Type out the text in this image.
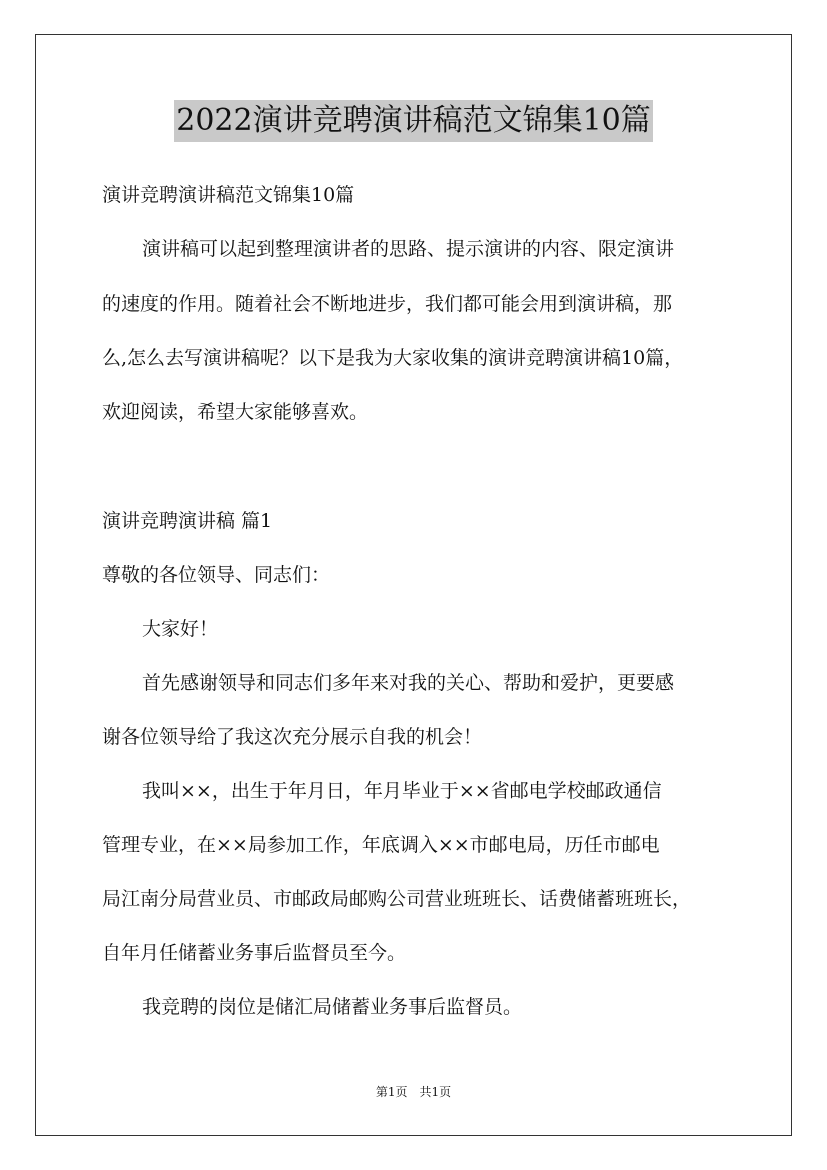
2022演讲竞聘演讲稿范文锦集10篇
演讲竞聘演讲稿范文锦集10篇
演讲稿可以起到整理演讲者的思路、提示演讲的内容、限定演讲
的速度的作用。随着社会不断地进步，我们都可能会用到演讲稿，那
么,怎么去写演讲稿呢？以下是我为大家收集的演讲竞聘演讲稿10篇，
欢迎阅读，希望大家能够喜欢。
演讲竞聘演讲稿 篇1
尊敬的各位领导、同志们：
大家好！
首先感谢领导和同志们多年来对我的关心、帮助和爱护，更要感
谢各位领导给了我这次充分展示自我的机会！
我叫××，出生于年月日，年月毕业于××省邮电学校邮政通信
管理专业，在××局参加工作，年底调入××市邮电局，历任市邮电
局江南分局营业员、市邮政局邮购公司营业班班长、话费储蓄班班长，
自年月任储蓄业务事后监督员至今。
我竞聘的岗位是储汇局储蓄业务事后监督员。
第1页　共1页
